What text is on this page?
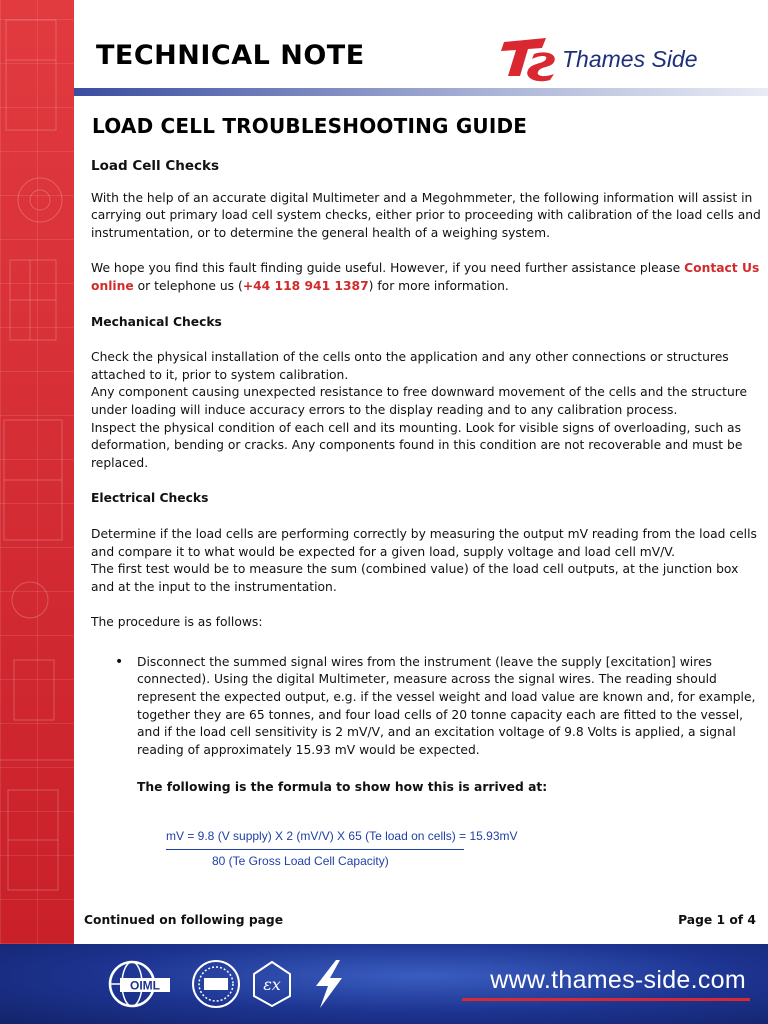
TECHNICAL NOTE	Thames Side
LOAD CELL TROUBLESHOOTING GUIDE
Load Cell Checks

With the help of an accurate digital Multimeter and a Megohmmeter, the following information will assist in carrying out primary load cell system checks, either prior to proceeding with calibration of the load cells and instrumentation, or to determine the general health of a weighing system.

We hope you find this fault finding guide useful. However, if you need further assistance please Contact Us online or telephone us (+44 118 941 1387) for more information.

Mechanical Checks

Check the physical installation of the cells onto the application and any other connections or structures attached to it, prior to system calibration.

Any component causing unexpected resistance to free downward movement of the cells and the structure under loading will induce accuracy errors to the display reading and to any calibration process.

Inspect the physical condition of each cell and its mounting. Look for visible signs of overloading, such as deformation, bending or cracks. Any components found in this condition are not recoverable and must be replaced.

Electrical Checks

Determine if the load cells are performing correctly by measuring the output mV reading from the load cells and compare it to what would be expected for a given load, supply voltage and load cell mV/V.

The first test would be to measure the sum (combined value) of the load cell outputs, at the junction box and at the input to the instrumentation.

The procedure is as follows:

• Disconnect the summed signal wires from the instrument (leave the supply [excitation] wires connected). Using the digital Multimeter, measure across the signal wires. The reading should represent the expected output, e.g. if the vessel weight and load value are known and, for example, together they are 65 tonnes, and four load cells of 20 tonne capacity each are fitted to the vessel, and if the load cell sensitivity is 2 mV/V, and an excitation voltage of 9.8 Volts is applied, a signal reading of approximately 15.93 mV would be expected.

The following is the formula to show how this is arrived at:

mV = 9.8 (V supply) X 2 (mV/V) X 65 (Te load on cells) = 15.93mV
80 (Te Gross Load Cell Capacity)
Continued on following page	Page 1 of 4
OIML	εx	www.thames-side.com
